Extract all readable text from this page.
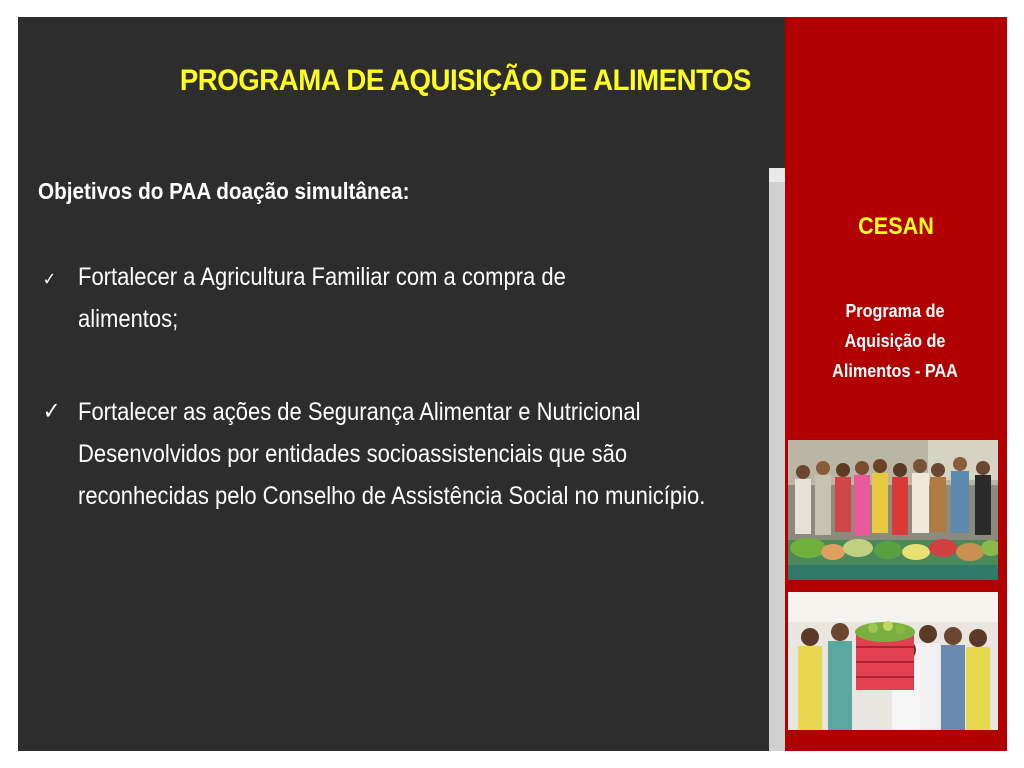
PROGRAMA DE AQUISIÇÃO DE ALIMENTOS
Objetivos do PAA doação simultânea:
✓ Fortalecer a Agricultura Familiar com a compra de alimentos;
✓ Fortalecer as ações de Segurança Alimentar e Nutricional Desenvolvidos por entidades socioassistenciais que são reconhecidas pelo Conselho de Assistência Social no município.
CESAN
Programa de
Aquisição de
Alimentos - PAA
